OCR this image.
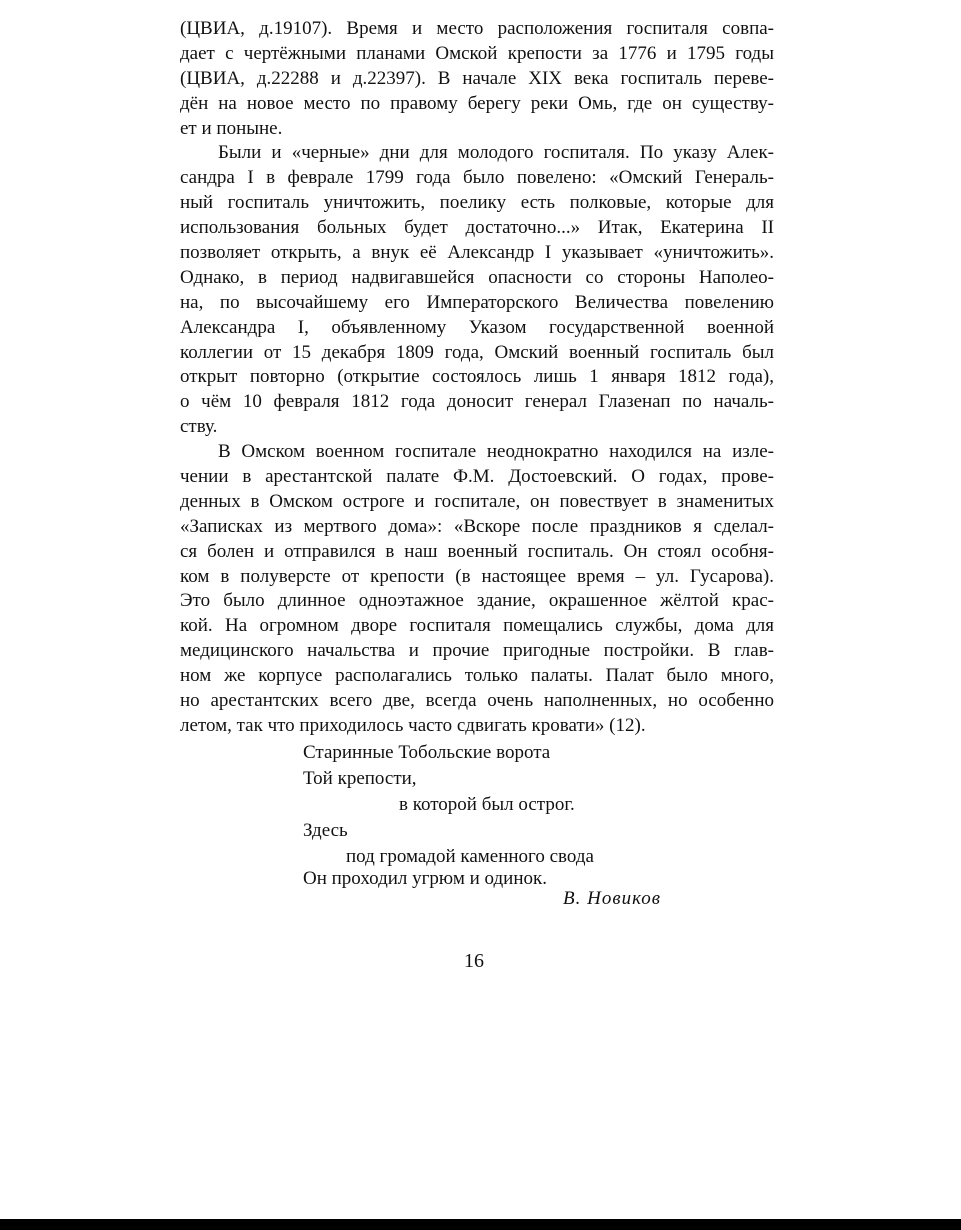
(ЦВИА, д.19107). Время и место расположения госпиталя совпа-
дает с чертёжными планами Омской крепости за 1776 и 1795 годы
(ЦВИА, д.22288 и д.22397). В начале XIX века госпиталь переве-
дён на новое место по правому берегу реки Омь, где он существу-
ет и поныне.
Были и «черные» дни для молодого госпиталя. По указу Алек-
сандра I в феврале 1799 года было повелено: «Омский Генераль-
ный госпиталь уничтожить, поелику есть полковые, которые для
использования больных будет достаточно...» Итак, Екатерина II
позволяет открыть, а внук её Александр I указывает «уничтожить».
Однако, в период надвигавшейся опасности со стороны Наполео-
на, по высочайшему его Императорского Величества повелению
Александра I, объявленному Указом государственной военной
коллегии от 15 декабря 1809 года, Омский военный госпиталь был
открыт повторно (открытие состоялось лишь 1 января 1812 года),
о чём 10 февраля 1812 года доносит генерал Глазенап по началь-
ству.
В Омском военном госпитале неоднократно находился на изле-
чении в арестантской палате Ф.М. Достоевский. О годах, прове-
денных в Омском остроге и госпитале, он повествует в знаменитых
«Записках из мертвого дома»: «Вскоре после праздников я сделал-
ся болен и отправился в наш военный госпиталь. Он стоял особня-
ком в полуверсте от крепости (в настоящее время – ул. Гусарова).
Это было длинное одноэтажное здание, окрашенное жёлтой крас-
кой. На огромном дворе госпиталя помещались службы, дома для
медицинского начальства и прочие пригодные постройки. В глав-
ном же корпусе располагались только палаты. Палат было много,
но арестантских всего две, всегда очень наполненных, но особенно
летом, так что приходилось часто сдвигать кровати» (12).
Старинные Тобольские ворота
Той крепости,
в которой был острог.
Здесь
под громадой каменного свода
Он проходил угрюм и одинок.
В. Новиков
16
